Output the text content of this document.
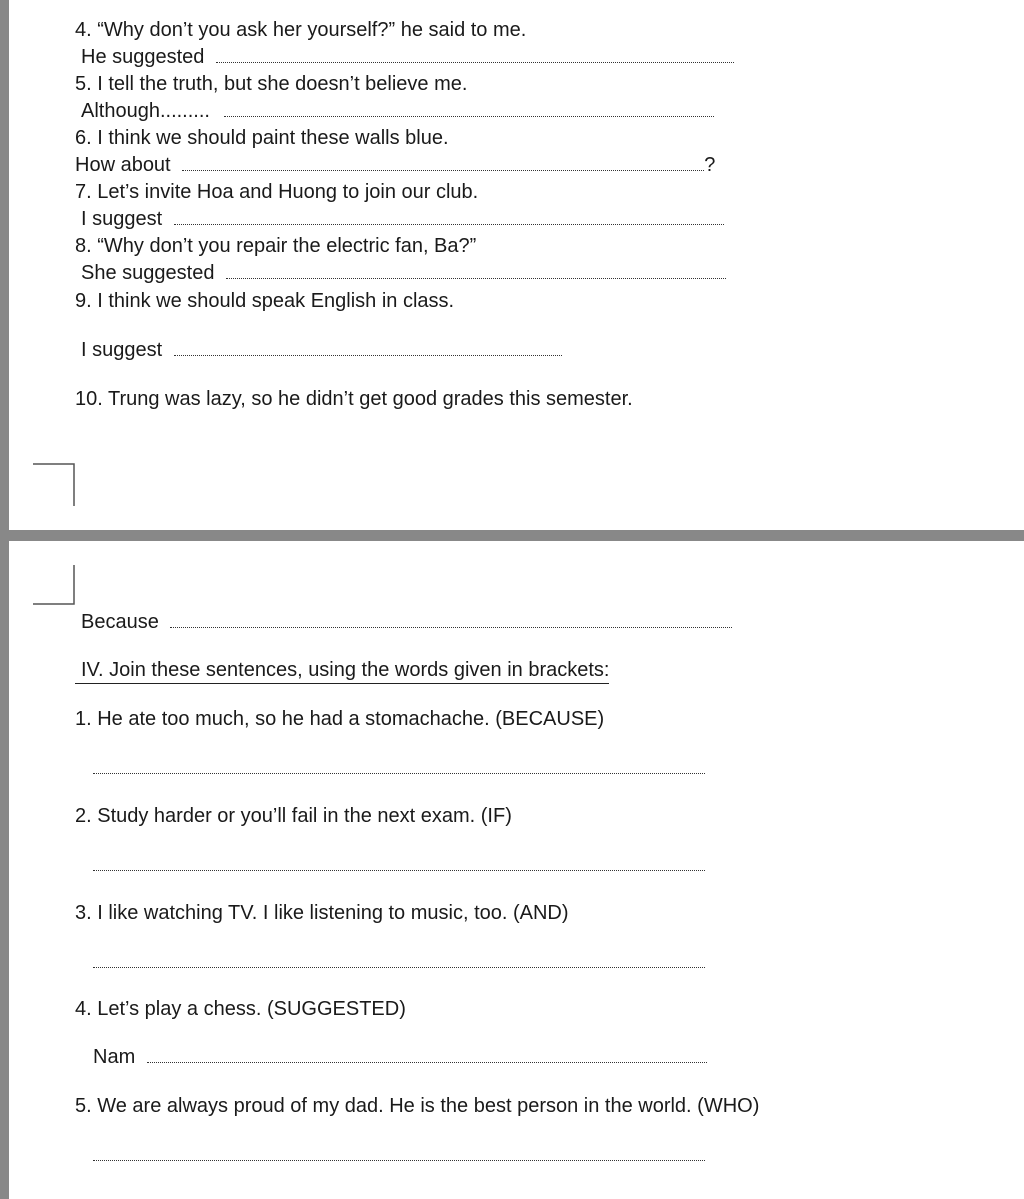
4. “Why don’t you ask her yourself?” he said to me.
He suggested
5. I tell the truth, but she doesn’t believe me.
Although.........
6. I think we should paint these walls blue.
How about	?
7. Let’s invite Hoa and Huong to join our club.
I suggest
8. “Why don’t you repair the electric fan, Ba?”
She suggested
9. I think we should speak English in class.
I suggest
10. Trung was lazy, so he didn’t get good grades this semester.
Because
IV. Join these sentences, using the words given in brackets:
1. He ate too much, so he had a stomachache. (BECAUSE)
2. Study harder or you’ll fail in the next exam. (IF)
3. I like watching TV. I like listening to music, too. (AND)
4. Let’s play a chess. (SUGGESTED)
Nam
5. We are always proud of my dad. He is the best person in the world. (WHO)
